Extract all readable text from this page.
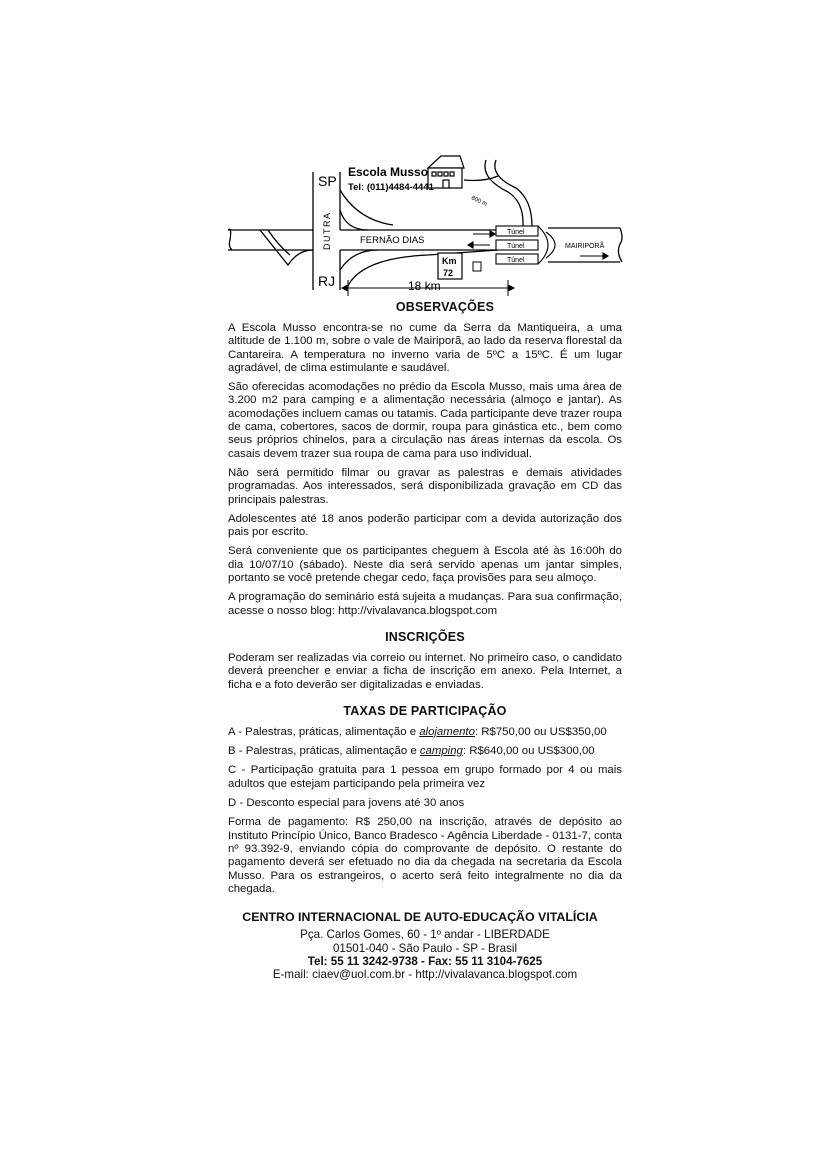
SP
RJ
DUTRA	FERNÃO DIAS
Escola Musso
Tel: (011)4484-4441
800 m
Km
72
18 km
Túnel
Túnel
Túnel
MAIRIPORÃ
OBSERVAÇÕES

A Escola Musso encontra-se no cume da Serra da Mantiqueira, a uma altitude de 1.100 m, sobre o vale de Mairiporã, ao lado da reserva florestal da Cantareira. A temperatura no inverno varia de 5ºC a 15ºC. É um lugar agradável, de clima estimulante e saudável.

São oferecidas acomodações no prédio da Escola Musso, mais uma área de 3.200 m2 para camping e a alimentação necessária (almoço e jantar). As acomodações incluem camas ou tatamis. Cada participante deve trazer roupa de cama, cobertores, sacos de dormir, roupa para ginástica etc., bem como seus próprios chinelos, para a circulação nas áreas internas da escola. Os casais devem trazer sua roupa de cama para uso individual.

Não será permitido filmar ou gravar as palestras e demais atividades programadas. Aos interessados, será disponibilizada gravação em CD das principais palestras.

Adolescentes até 18 anos poderão participar com a devida autorização dos pais por escrito.

Será conveniente que os participantes cheguem à Escola até às 16:00h do dia 10/07/10 (sábado). Neste dia será servido apenas um jantar simples, portanto se você pretende chegar cedo, faça provisões para seu almoço.

A programação do seminário está sujeita a mudanças. Para sua confirmação, acesse o nosso blog: http://vivalavanca.blogspot.com

INSCRIÇÕES

Poderam ser realizadas via correio ou internet. No primeiro caso, o candidato deverá preencher e enviar a ficha de inscrição em anexo. Pela Internet, a ficha e a foto deverão ser digitalizadas e enviadas.

TAXAS DE PARTICIPAÇÃO

A - Palestras, práticas, alimentação e alojamento: R$750,00 ou US$350,00

B - Palestras, práticas, alimentação e camping: R$640,00 ou US$300,00

C - Participação gratuita para 1 pessoa em grupo formado por 4 ou mais adultos que estejam participando pela primeira vez

D - Desconto especial para jovens até 30 anos

Forma de pagamento: R$ 250,00 na inscrição, através de depósito ao Instituto Princípio Único, Banco Bradesco - Agência Liberdade - 0131-7, conta nº 93.392-9, enviando cópia do comprovante de depósito. O restante do pagamento deverá ser efetuado no dia da chegada na secretaria da Escola Musso. Para os estrangeiros, o acerto será feito integralmente no dia da chegada.

CENTRO INTERNACIONAL DE AUTO-EDUCAÇÃO VITALÍCIA
Pça. Carlos Gomes, 60 - 1º andar - LIBERDADE
01501-040 - São Paulo - SP - Brasil
Tel: 55 11 3242-9738 - Fax: 55 11 3104-7625
E-mail: ciaev@uol.com.br - http://vivalavanca.blogspot.com
